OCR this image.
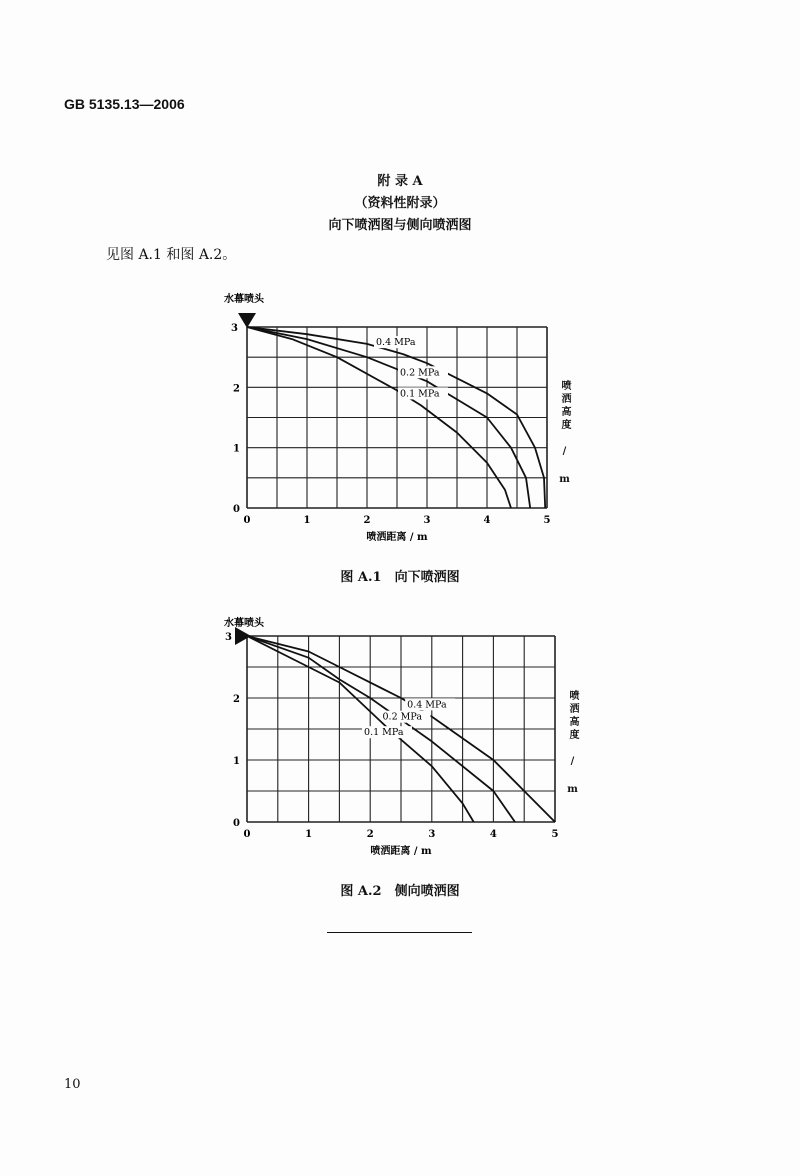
GB 5135.13—2006
附 录 A
（资料性附录）
向下喷洒图与侧向喷洒图
见图 A.1 和图 A.2。
0	1	2	3	4	5
0
1
2
3
喷洒距离 / m
水幕喷头
0.4 MPa
0.2 MPa
0.1 MPa
0	1	2	3	4	5
0
1
2
3
喷洒距离 / m
水幕喷头
0.4 MPa
0.2 MPa
0.1 MPa
喷洒高度 / m
喷洒高度 / m
图 A.1　向下喷洒图
图 A.2　侧向喷洒图
10
